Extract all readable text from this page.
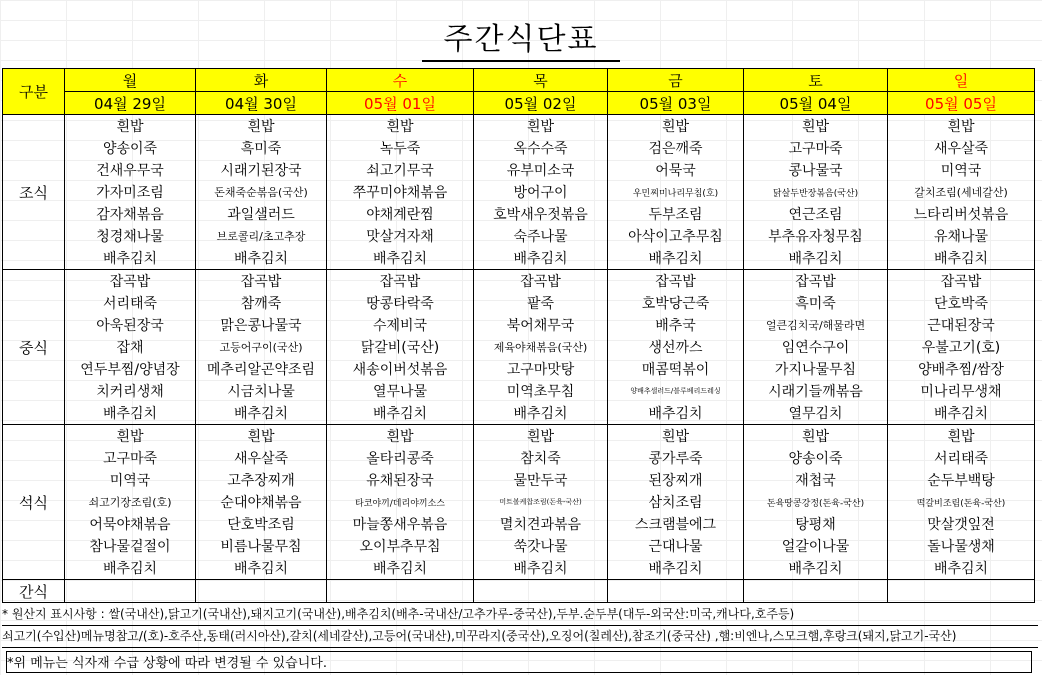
주간식단표
구분	월	화	수	목	금	토	일
	04월 29일	04월 30일	05월 01일	05월 02일	05월 03일	05월 04일	05월 05일
조식	흰밥	흰밥	흰밥	흰밥	흰밥	흰밥	흰밥
	양송이죽	흑미죽	녹두죽	옥수수죽	검은깨죽	고구마죽	새우살죽
	건새우무국	시래기된장국	쇠고기무국	유부미소국	어묵국	콩나물국	미역국
	가자미조림	돈채죽순볶음(국산)	쭈꾸미야채볶음	방어구이	우민찌미나리무침(호)	닭살두반장볶음(국산)	갈치조림(세네갈산)
	감자채볶음	과일샐러드	야채계란찜	호박새우젓볶음	두부조림	연근조림	느타리버섯볶음
	청경채나물	브로콜리/초고추장	맛살겨자채	숙주나물	아삭이고추무침	부추유자청무침	유채나물
	배추김치	배추김치	배추김치	배추김치	배추김치	배추김치	배추김치
중식	잡곡밥	잡곡밥	잡곡밥	잡곡밥	잡곡밥	잡곡밥	잡곡밥
	서리태죽	참깨죽	땅콩타락죽	팥죽	호박당근죽	흑미죽	단호박죽
	아욱된장국	맑은콩나물국	수제비국	북어채무국	배추국	얼큰김치국/해물라면	근대된장국
	잡채	고등어구이(국산)	닭갈비(국산)	제육야채볶음(국산)	생선까스	임연수구이	우불고기(호)
	연두부찜/양념장	메추리알곤약조림	새송이버섯볶음	고구마맛탕	매콤떡볶이	가지나물무침	양배추찜/쌈장
	치커리생채	시금치나물	열무나물	미역초무침	양배추샐러드/블루베리드레싱	시래기들깨볶음	미나리무생채
	배추김치	배추김치	배추김치	배추김치	배추김치	열무김치	배추김치
석식	흰밥	흰밥	흰밥	흰밥	흰밥	흰밥	흰밥
	고구마죽	새우살죽	올타리콩죽	참치죽	콩가루죽	양송이죽	서리태죽
	미역국	고추장찌개	유채된장국	물만두국	된장찌개	재첩국	순두부백탕
	쇠고기장조림(호)	순대야채볶음	타코야끼/데리야끼소스	미트볼케찹조림(돈육-국산)	삼치조림	돈육땅콩강정(돈육-국산)	떡갈비조림(돈육-국산)
	어묵야채볶음	단호박조림	마늘쫑새우볶음	멸치견과볶음	스크램블에그	탕평채	맛살갯잎전
	참나물겉절이	비름나물무침	오이부추무침	쑥갓나물	근대나물	얼갈이나물	돌나물생채
	배추김치	배추김치	배추김치	배추김치	배추김치	배추김치	배추김치
간식							
* 원산지 표시사항 : 쌀(국내산),닭고기(국내산),돼지고기(국내산),배추김치(배추-국내산/고추가루-중국산),두부.순두부(대두-외국산:미국,캐나다,호주등)
쇠고기(수입산)메뉴명참고/(호)-호주산,동태(러시아산),갈치(세네갈산),고등어(국내산),미꾸라지(중국산),오징어(칠레산),참조기(중국산) ,햄:비엔나,스모크햄,후랑크(돼지,닭고기-국산)
*위 메뉴는 식자재 수급 상황에 따라 변경될 수 있습니다.
